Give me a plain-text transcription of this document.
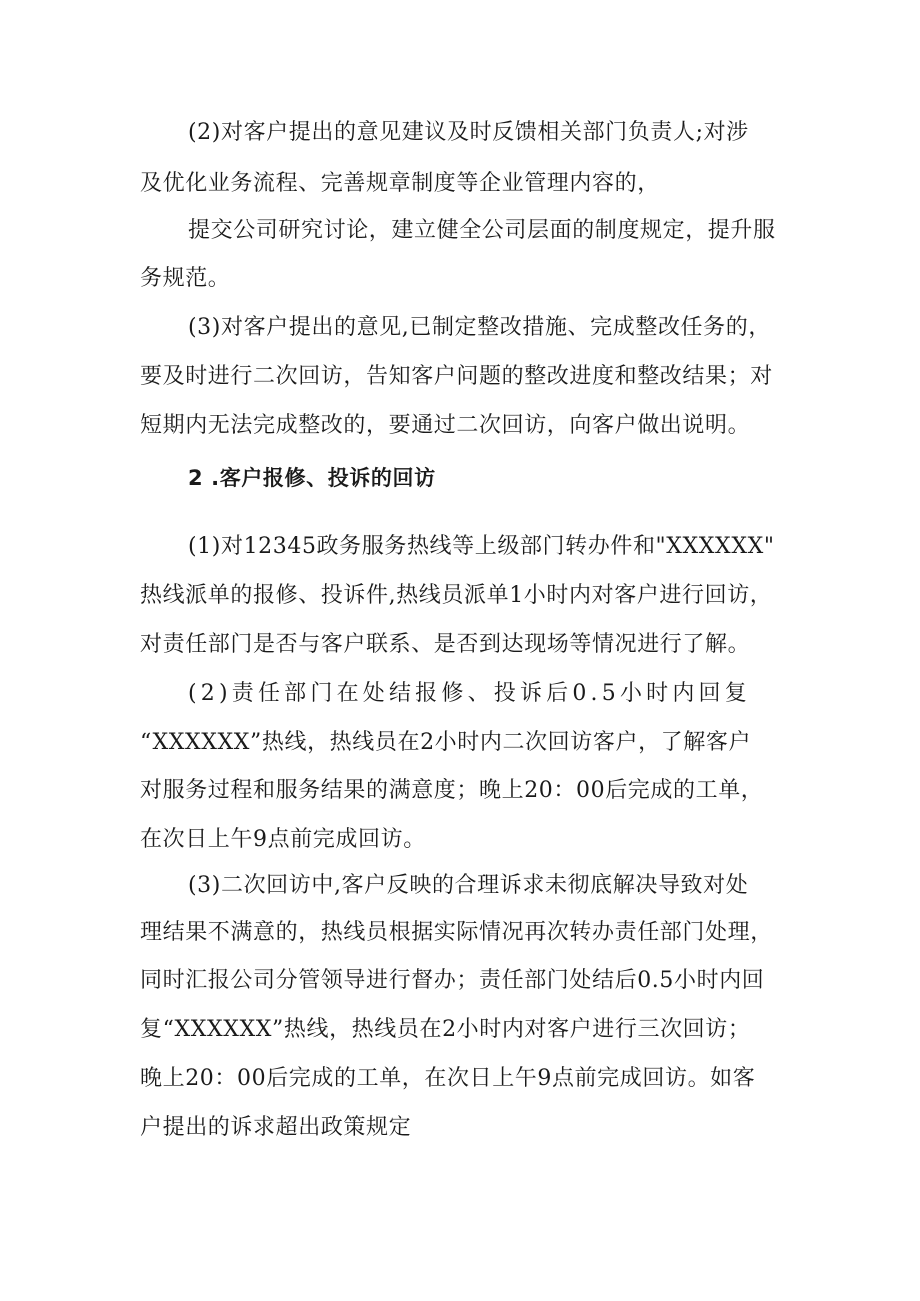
(2)对客户提出的意见建议及时反馈相关部门负责人;对涉
及优化业务流程、完善规章制度等企业管理内容的，
提交公司研究讨论，建立健全公司层面的制度规定，提升服
务规范。
(3)对客户提出的意见,已制定整改措施、完成整改任务的，
要及时进行二次回访，告知客户问题的整改进度和整改结果；对
短期内无法完成整改的，要通过二次回访，向客户做出说明。
2 .客户报修、投诉的回访
(1)对12345政务服务热线等上级部门转办件和"XXXXXX"
热线派单的报修、投诉件,热线员派单1小时内对客户进行回访，
对责任部门是否与客户联系、是否到达现场等情况进行了解。
(2)责任部门在处结报修、投诉后0.5小时内回复
“XXXXXX”热线，热线员在2小时内二次回访客户，了解客户
对服务过程和服务结果的满意度；晚上20：00后完成的工单，
在次日上午9点前完成回访。
(3)二次回访中,客户反映的合理诉求未彻底解决导致对处
理结果不满意的，热线员根据实际情况再次转办责任部门处理，
同时汇报公司分管领导进行督办；责任部门处结后0.5小时内回
复“XXXXXX”热线，热线员在2小时内对客户进行三次回访；
晚上20：00后完成的工单，在次日上午9点前完成回访。如客
户提出的诉求超出政策规定
